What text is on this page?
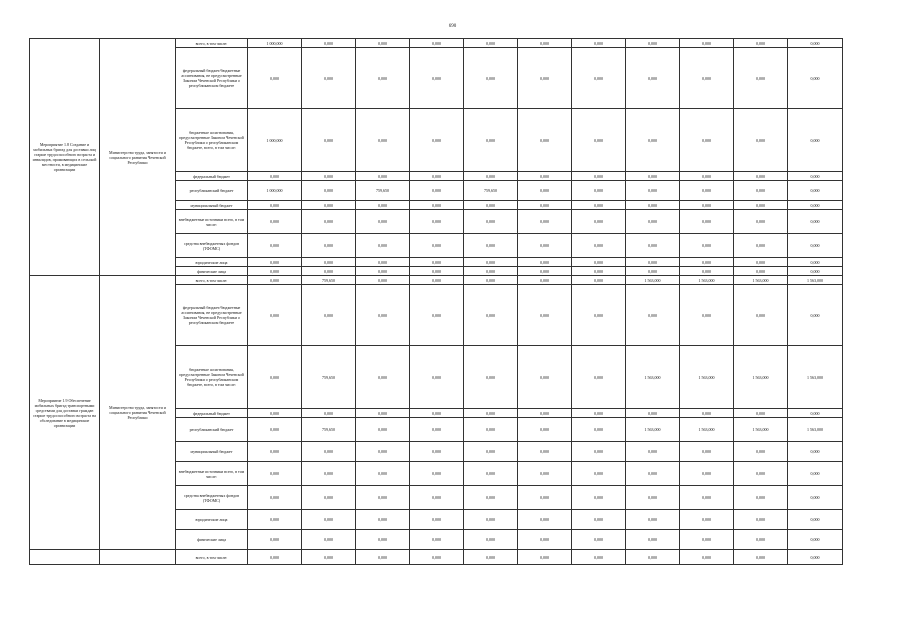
690
Мероприятие 1.8 Создание и мобильных бригад для доставки лиц старше трудоспособного возраста и инвалидов, проживающих в сельской местности, в медицинские организации	Министерство труда, занятости и социального развития Чеченской Республики	всего, в том числе:	1 000,000	0,000	0,000	0,000	0,000	0,000	0,000	0,000	0,000	0,000	0,000
		федеральный бюджет/бюджетные ассигнования, не предусмотренные Законом Чеченской Республики о республиканском бюджете	0,000	0,000	0,000	0,000	0,000	0,000	0,000	0,000	0,000	0,000	0,000
		бюджетные ассигнования, предусмотренные Законом Чеченской Республики о республиканском бюджете, всего, в том числе:	1 000,000	0,000	0,000	0,000	0,000	0,000	0,000	0,000	0,000	0,000	0,000
		федеральный бюджет	0,000	0,000	0,000	0,000	0,000	0,000	0,000	0,000	0,000	0,000	0,000
		республиканский бюджет	1 000,000	0,000	759,650	0,000	759,650	0,000	0,000	0,000	0,000	0,000	0,000
		муниципальный бюджет	0,000	0,000	0,000	0,000	0,000	0,000	0,000	0,000	0,000	0,000	0,000
		внебюджетные источники всего, в том числе:	0,000	0,000	0,000	0,000	0,000	0,000	0,000	0,000	0,000	0,000	0,000
		средства внебюджетных фондов (ТФОМС)	0,000	0,000	0,000	0,000	0,000	0,000	0,000	0,000	0,000	0,000	0,000
		юридические лица	0,000	0,000	0,000	0,000	0,000	0,000	0,000	0,000	0,000	0,000	0,000
		физические лица	0,000	0,000	0,000	0,000	0,000	0,000	0,000	0,000	0,000	0,000	0,000
Мероприятие 1.9 Обеспечение мобильных бригад транспортными средствами для доставки граждан старше трудоспособного возраста на обследование в медицинские организации	Министерство труда, занятости и социального развития Чеченской Республики	всего, в том числе:	0,000	759,650	0,000	0,000	0,000	0,000	0,000	1 563,000	1 563,000	1 563,000	1 563,000
		федеральный бюджет/бюджетные ассигнования, не предусмотренные Законом Чеченской Республики о республиканском бюджете	0,000	0,000	0,000	0,000	0,000	0,000	0,000	0,000	0,000	0,000	0,000
		бюджетные ассигнования, предусмотренные Законом Чеченской Республики о республиканском бюджете, всего, в том числе:	0,000	759,650	0,000	0,000	0,000	0,000	0,000	1 563,000	1 563,000	1 563,000	1 563,000
		федеральный бюджет	0,000	0,000	0,000	0,000	0,000	0,000	0,000	0,000	0,000	0,000	0,000
		республиканский бюджет	0,000	759,650	0,000	0,000	0,000	0,000	0,000	1 563,000	1 563,000	1 563,000	1 563,000
		муниципальный бюджет	0,000	0,000	0,000	0,000	0,000	0,000	0,000	0,000	0,000	0,000	0,000
		внебюджетные источники всего, в том числе:	0,000	0,000	0,000	0,000	0,000	0,000	0,000	0,000	0,000	0,000	0,000
		средства внебюджетных фондов (ТФОМС)	0,000	0,000	0,000	0,000	0,000	0,000	0,000	0,000	0,000	0,000	0,000
		юридические лица	0,000	0,000	0,000	0,000	0,000	0,000	0,000	0,000	0,000	0,000	0,000
		физические лица	0,000	0,000	0,000	0,000	0,000	0,000	0,000	0,000	0,000	0,000	0,000
		всего, в том числе:	0,000	0,000	0,000	0,000	0,000	0,000	0,000	0,000	0,000	0,000	0,000
